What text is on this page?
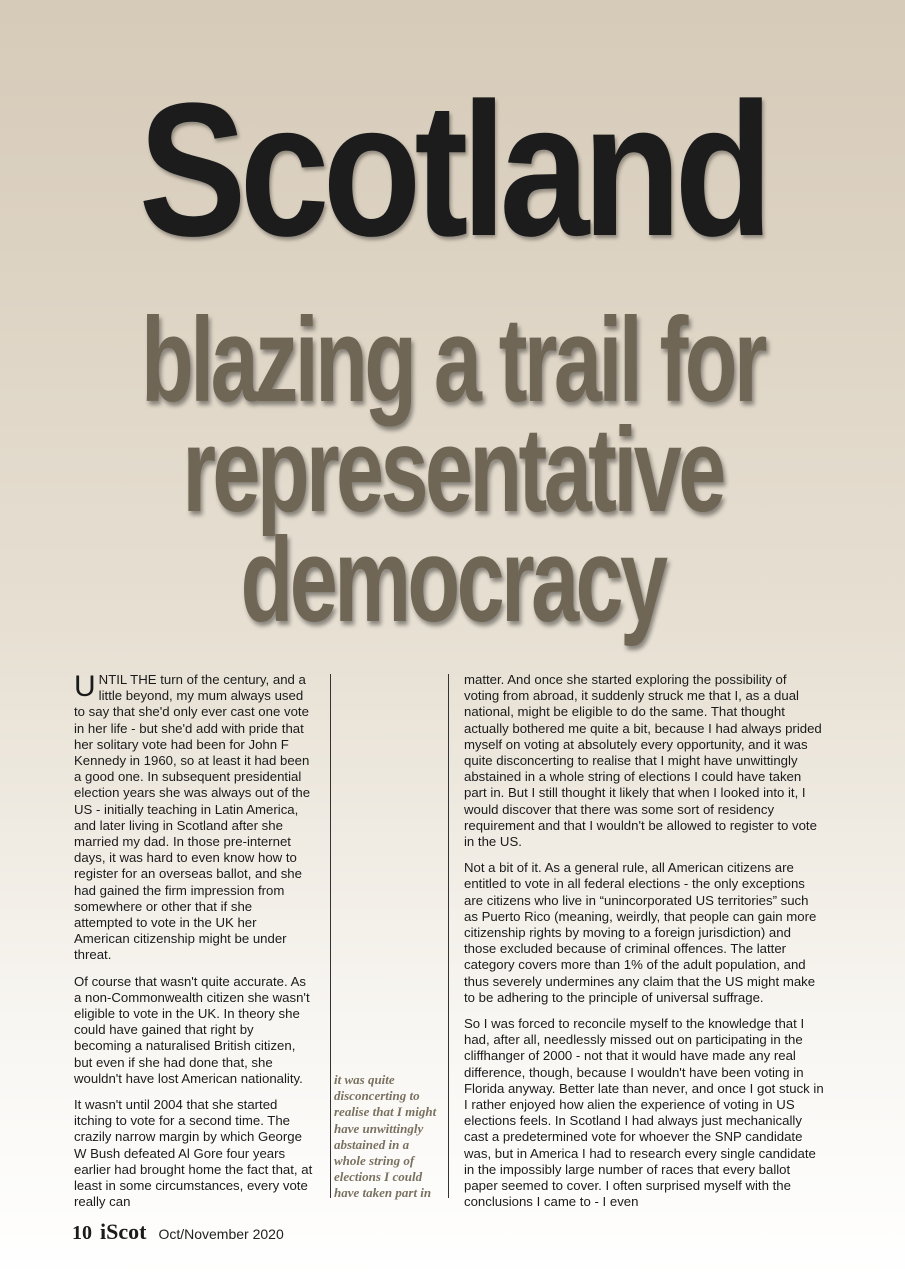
Scotland
blazing a trail for
representative
democracy

UNTIL THE turn of the century, and a little beyond, my mum always used to say that she'd only ever cast one vote in her life - but she'd add with pride that her solitary vote had been for John F Kennedy in 1960, so at least it had been a good one. In subsequent presidential election years she was always out of the US - initially teaching in Latin America, and later living in Scotland after she married my dad. In those pre-internet days, it was hard to even know how to register for an overseas ballot, and she had gained the firm impression from somewhere or other that if she attempted to vote in the UK her American citizenship might be under threat.

Of course that wasn't quite accurate. As a non-Commonwealth citizen she wasn't eligible to vote in the UK. In theory she could have gained that right by becoming a naturalised British citizen, but even if she had done that, she wouldn't have lost American nationality.

It wasn't until 2004 that she started itching to vote for a second time. The crazily narrow margin by which George W Bush defeated Al Gore four years earlier had brought home the fact that, at least in some circumstances, every vote really can

it was quite disconcerting to realise that I might have unwittingly abstained in a whole string of elections I could have taken part in

matter. And once she started exploring the possibility of voting from abroad, it suddenly struck me that I, as a dual national, might be eligible to do the same. That thought actually bothered me quite a bit, because I had always prided myself on voting at absolutely every opportunity, and it was quite disconcerting to realise that I might have unwittingly abstained in a whole string of elections I could have taken part in. But I still thought it likely that when I looked into it, I would discover that there was some sort of residency requirement and that I wouldn't be allowed to register to vote in the US.

Not a bit of it. As a general rule, all American citizens are entitled to vote in all federal elections - the only exceptions are citizens who live in “unincorporated US territories” such as Puerto Rico (meaning, weirdly, that people can gain more citizenship rights by moving to a foreign jurisdiction) and those excluded because of criminal offences. The latter category covers more than 1% of the adult population, and thus severely undermines any claim that the US might make to be adhering to the principle of universal suffrage.

So I was forced to reconcile myself to the knowledge that I had, after all, needlessly missed out on participating in the cliffhanger of 2000 - not that it would have made any real difference, though, because I wouldn't have been voting in Florida anyway. Better late than never, and once I got stuck in I rather enjoyed how alien the experience of voting in US elections feels. In Scotland I had always just mechanically cast a predetermined vote for whoever the SNP candidate was, but in America I had to research every single candidate in the impossibly large number of races that every ballot paper seemed to cover. I often surprised myself with the conclusions I came to - I even

10 iScot Oct/November 2020
